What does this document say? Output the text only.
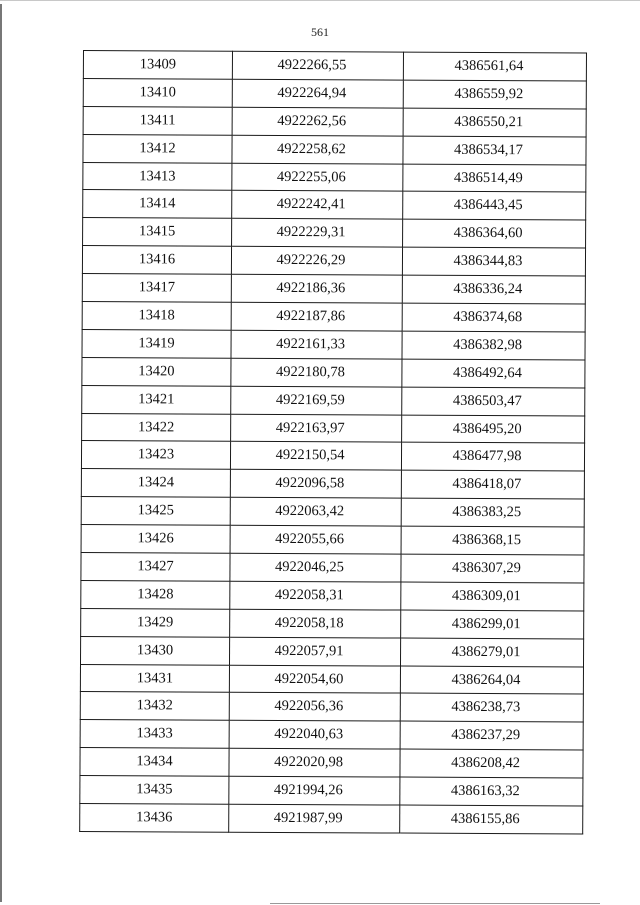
561
13409	4922266,55	4386561,64
13410	4922264,94	4386559,92
13411	4922262,56	4386550,21
13412	4922258,62	4386534,17
13413	4922255,06	4386514,49
13414	4922242,41	4386443,45
13415	4922229,31	4386364,60
13416	4922226,29	4386344,83
13417	4922186,36	4386336,24
13418	4922187,86	4386374,68
13419	4922161,33	4386382,98
13420	4922180,78	4386492,64
13421	4922169,59	4386503,47
13422	4922163,97	4386495,20
13423	4922150,54	4386477,98
13424	4922096,58	4386418,07
13425	4922063,42	4386383,25
13426	4922055,66	4386368,15
13427	4922046,25	4386307,29
13428	4922058,31	4386309,01
13429	4922058,18	4386299,01
13430	4922057,91	4386279,01
13431	4922054,60	4386264,04
13432	4922056,36	4386238,73
13433	4922040,63	4386237,29
13434	4922020,98	4386208,42
13435	4921994,26	4386163,32
13436	4921987,99	4386155,86
